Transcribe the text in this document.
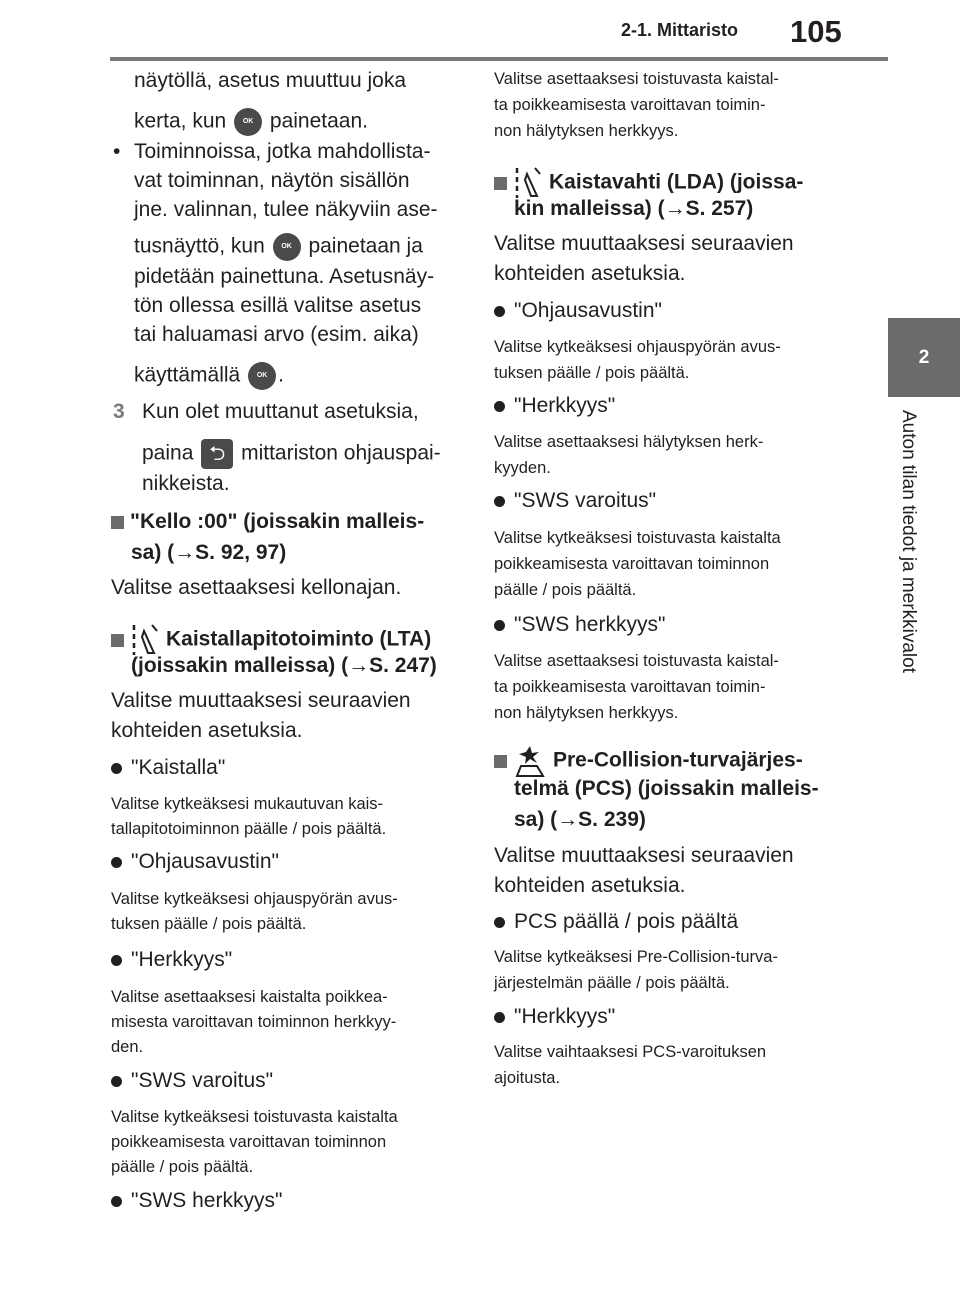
2-1. Mittaristo 105
2
Auton tilan tiedot ja merkkivalot
näytöllä, asetus muuttuu joka
kerta, kun OK painetaan.
• Toiminnoissa, jotka mahdollista-
vat toiminnan, näytön sisällön
jne. valinnan, tulee näkyviin ase-
tusnäyttö, kun OK painetaan ja
pidetään painettuna. Asetusnäy-
tön ollessa esillä valitse asetus
tai haluamasi arvo (esim. aika)
käyttämällä OK .
3 Kun olet muuttanut asetuksia,
paina ⮌ mittariston ohjauspai-
nikkeista.
"Kello :00" (joissakin malleis-
sa) (→S. 92, 97)
Valitse asettaaksesi kellonajan.
Kaistallapitotoiminto (LTA)
(joissakin malleissa) (→S. 247)
Valitse muuttaaksesi seuraavien
kohteiden asetuksia.
"Kaistalla"
Valitse kytkeäksesi mukautuvan kais-
tallapitotoiminnon päälle / pois päältä.
"Ohjausavustin"
Valitse kytkeäksesi ohjauspyörän avus-
tuksen päälle / pois päältä.
"Herkkyys"
Valitse asettaaksesi kaistalta poikkea-
misesta varoittavan toiminnon herkkyy-
den.
"SWS varoitus"
Valitse kytkeäksesi toistuvasta kaistalta
poikkeamisesta varoittavan toiminnon
päälle / pois päältä.
"SWS herkkyys"
Valitse asettaaksesi toistuvasta kaistal-
ta poikkeamisesta varoittavan toimin-
non hälytyksen herkkyys.
Kaistavahti (LDA) (joissa-
kin malleissa) (→S. 257)
Valitse muuttaaksesi seuraavien
kohteiden asetuksia.
"Ohjausavustin"
Valitse kytkeäksesi ohjauspyörän avus-
tuksen päälle / pois päältä.
"Herkkyys"
Valitse asettaaksesi hälytyksen herk-
kyyden.
"SWS varoitus"
Valitse kytkeäksesi toistuvasta kaistalta
poikkeamisesta varoittavan toiminnon
päälle / pois päältä.
"SWS herkkyys"
Valitse asettaaksesi toistuvasta kaistal-
ta poikkeamisesta varoittavan toimin-
non hälytyksen herkkyys.
Pre-Collision-turvajärjes-
telmä (PCS) (joissakin malleis-
sa) (→S. 239)
Valitse muuttaaksesi seuraavien
kohteiden asetuksia.
PCS päällä / pois päältä
Valitse kytkeäksesi Pre-Collision-turva-
järjestelmän päälle / pois päältä.
"Herkkyys"
Valitse vaihtaaksesi PCS-varoituksen
ajoitusta.
